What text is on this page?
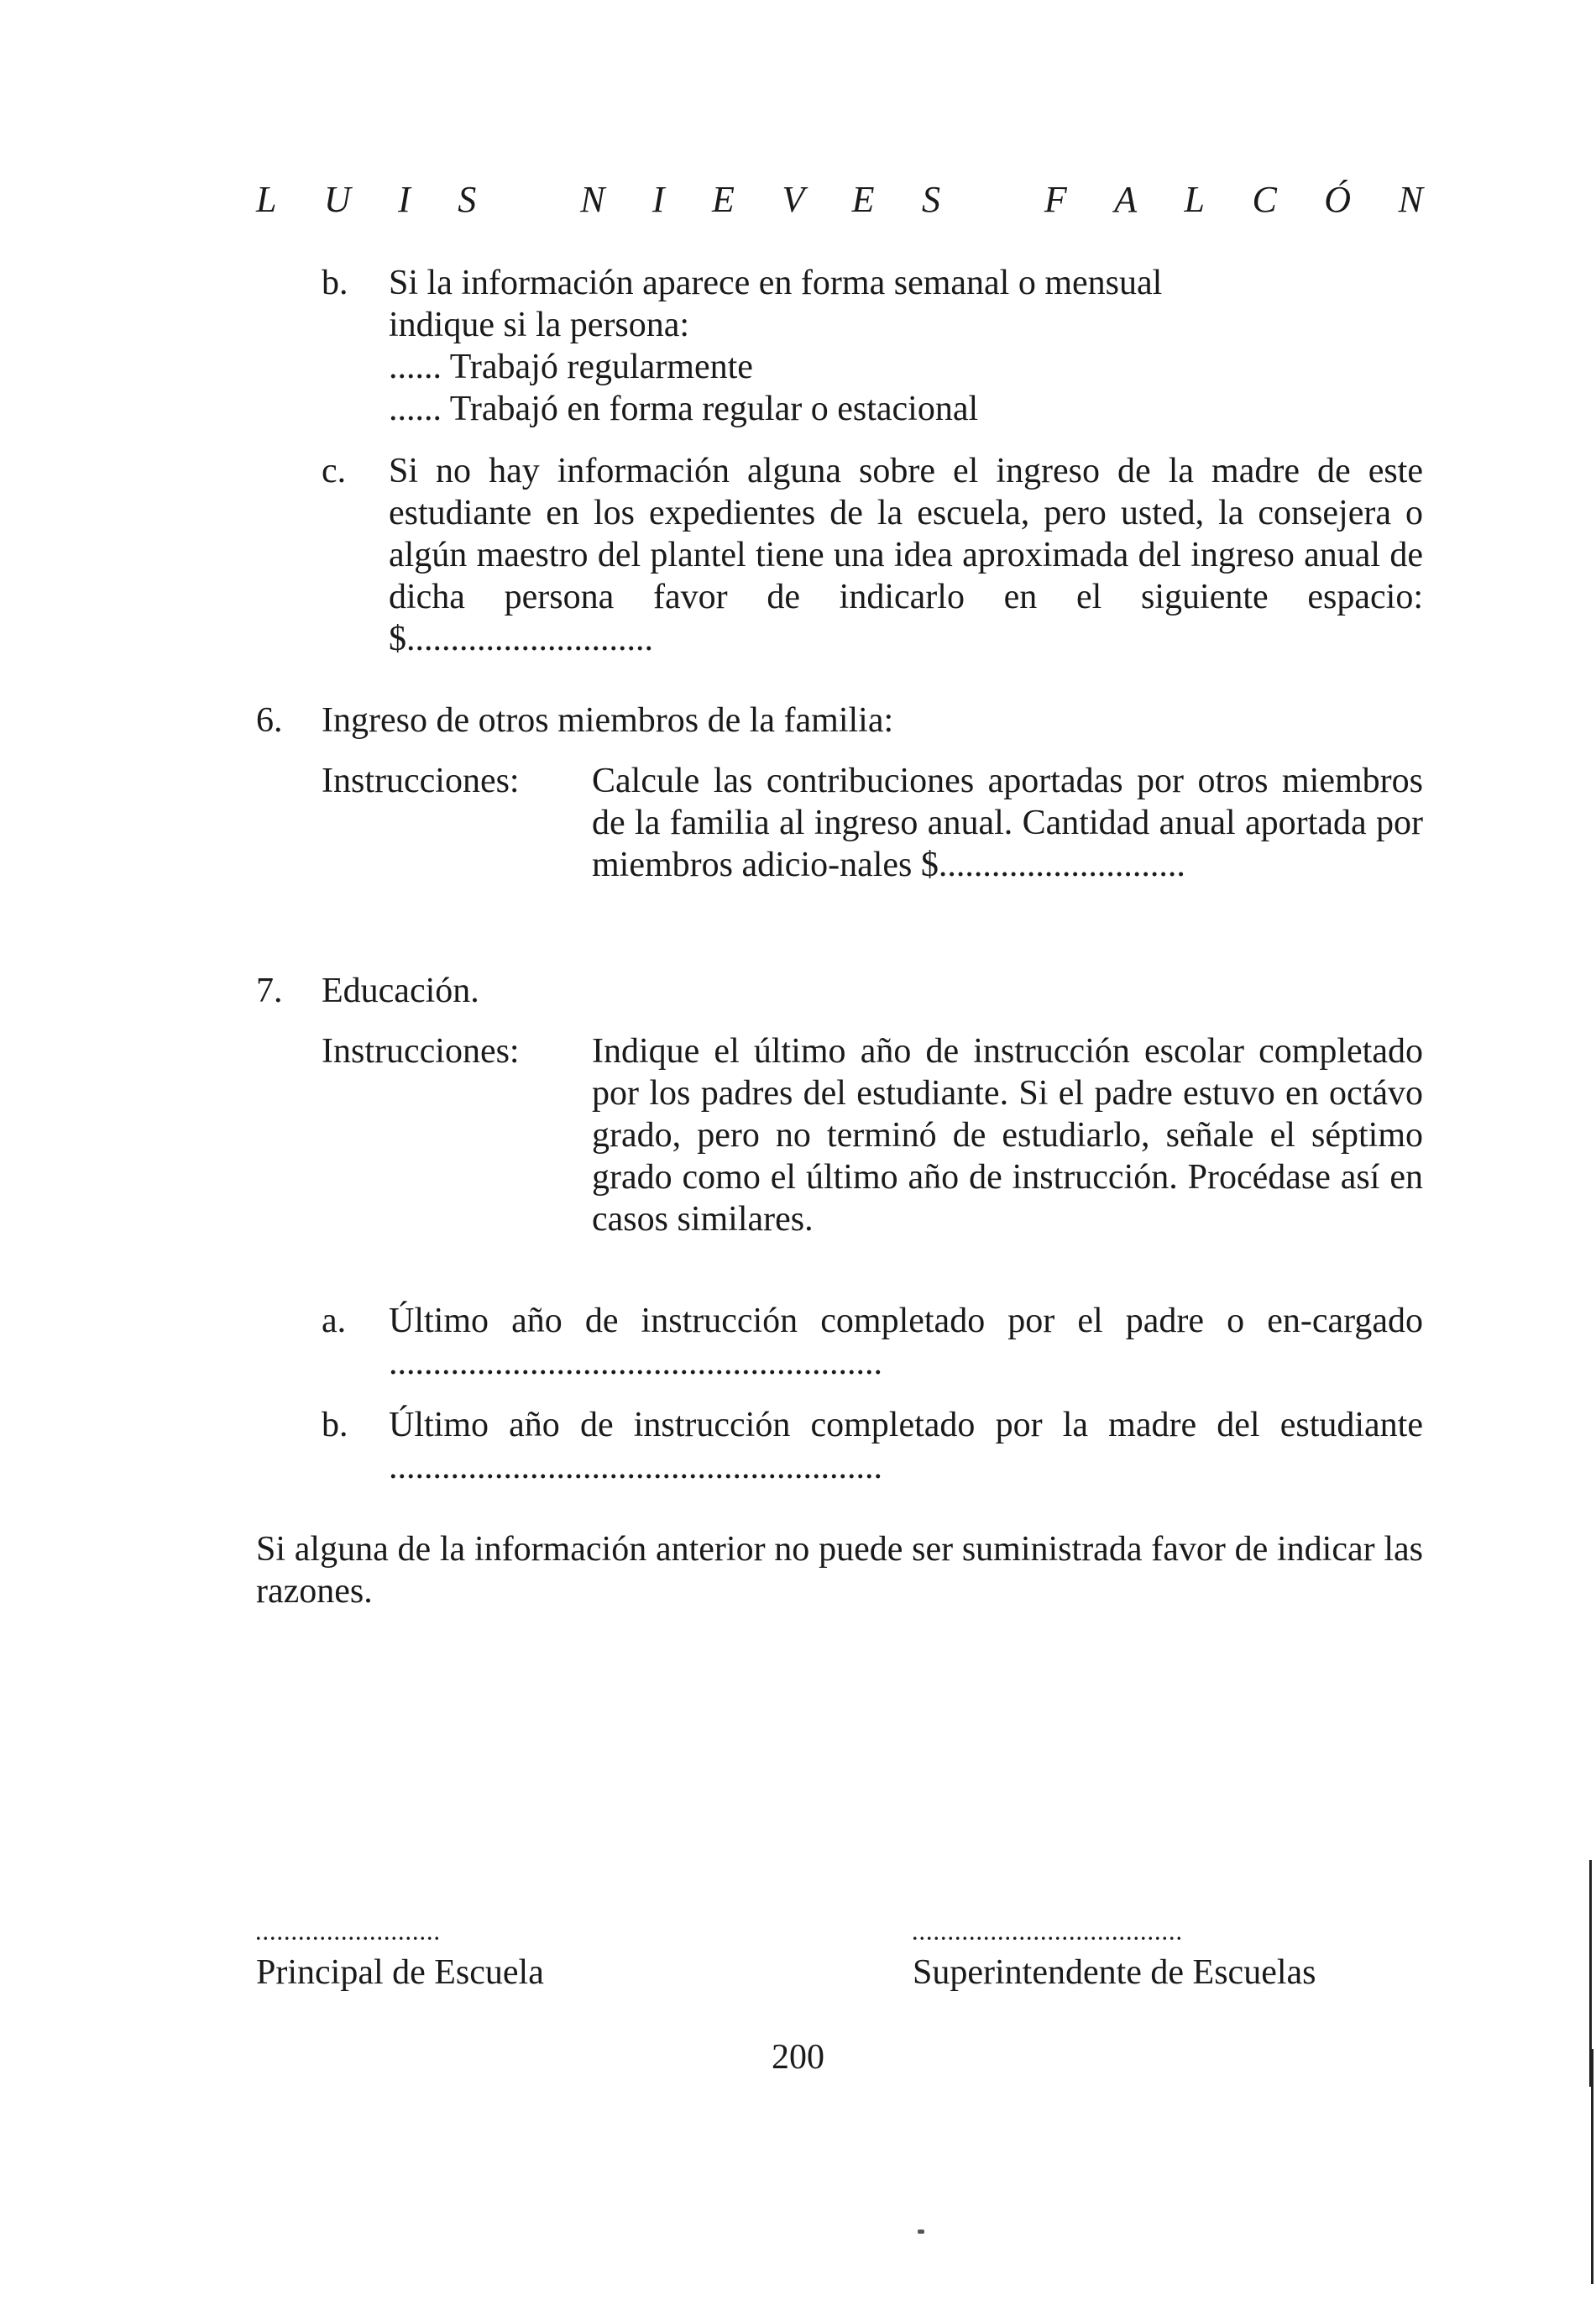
L U I S
	N I E V E S
	F A L C Ó N
b.	Si la información aparece en forma semanal o mensual
indique si la persona:
...... Trabajó regularmente
...... Trabajó en forma regular o estacional
c.	Si no hay información alguna sobre el ingreso de la madre de este estudiante en los expedientes de la escuela, pero usted, la consejera o algún maestro del plantel tiene una idea aproximada del ingreso anual de dicha persona favor de indicarlo en el siguiente espacio: $............................
6.	Ingreso de otros miembros de la familia:
Instrucciones:	Calcule las contribuciones aportadas por otros miembros de la familia al ingreso anual. Cantidad anual aportada por miembros adicio-nales $............................
7.	Educación.
Instrucciones:	Indique el último año de instrucción escolar completado por los padres del estudiante. Si el padre estuvo en octávo grado, pero no terminó de estudiarlo, señale el séptimo grado como el último año de instrucción. Procédase así en casos similares.
a.	Último año de instrucción completado por el padre o en-cargado ........................................................
b.	Último año de instrucción completado por la madre del estudiante ........................................................
Si alguna de la información anterior no puede ser suministrada favor de indicar las razones.
..........................
Principal de Escuela
......................................
Superintendente de Escuelas
200
